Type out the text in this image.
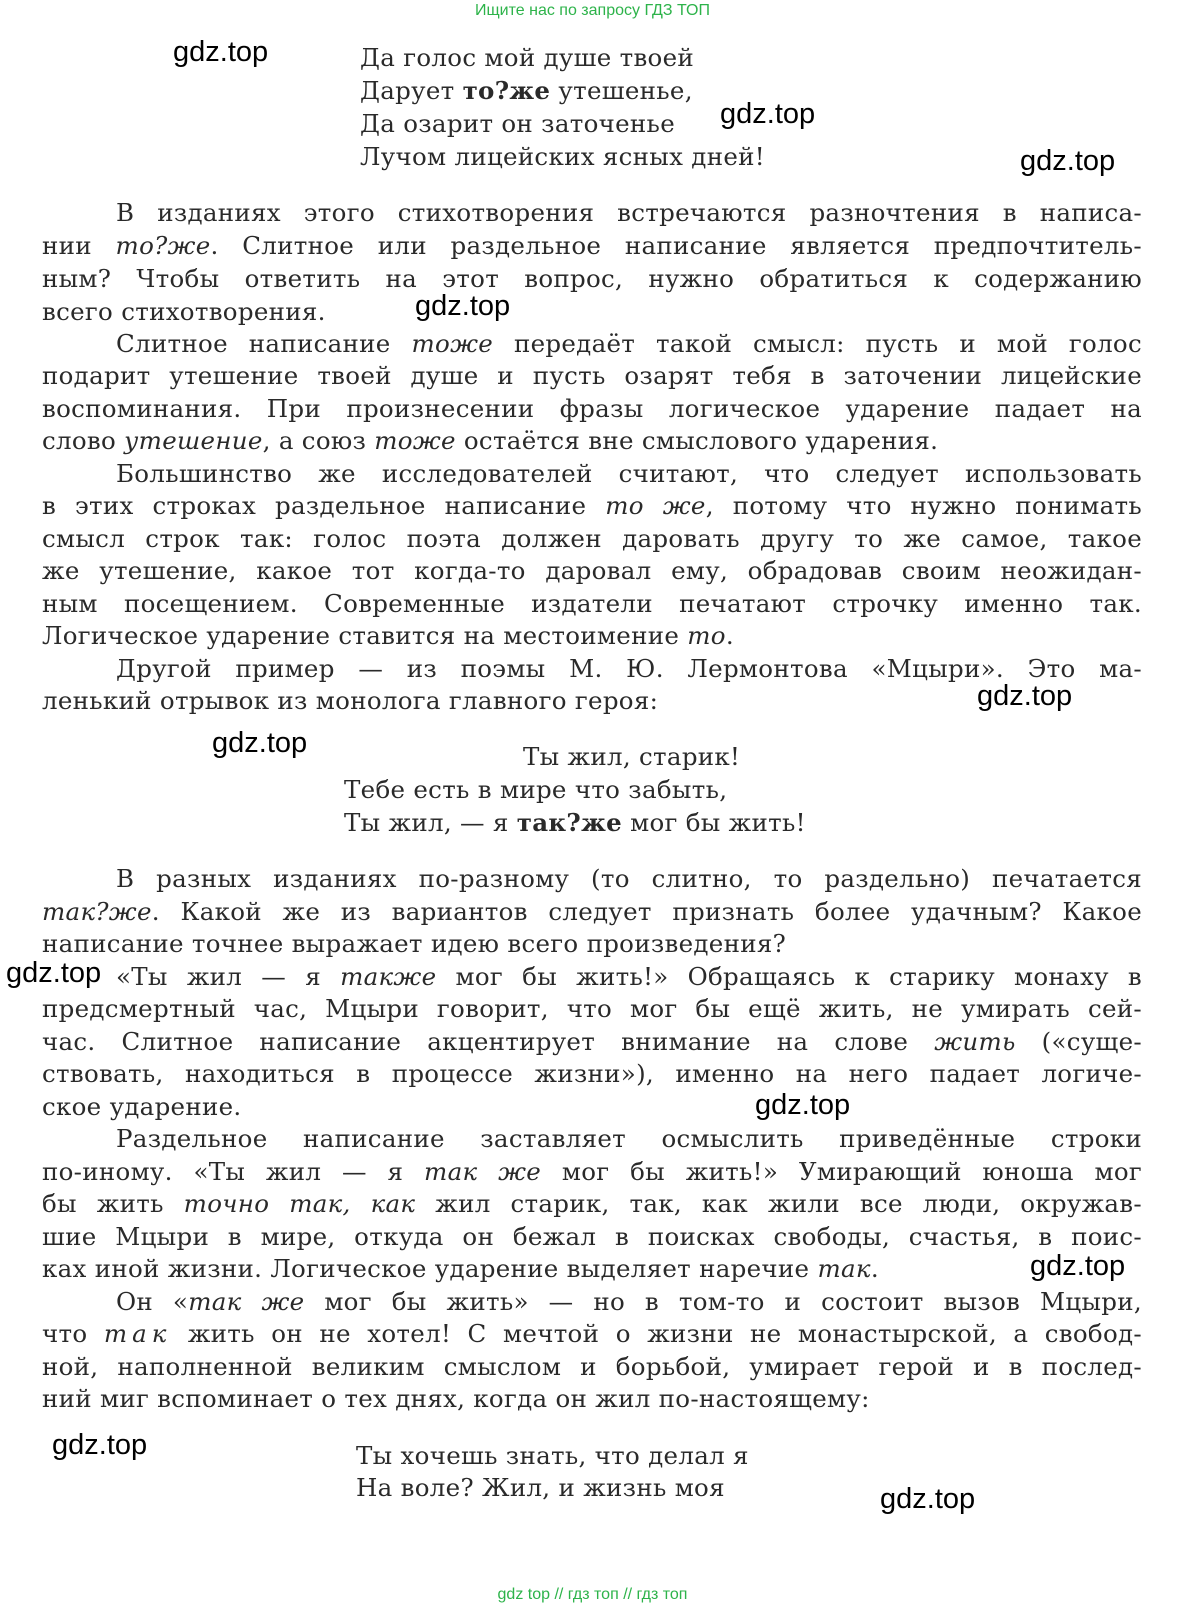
Ищите нас по запросу ГДЗ ТОП
gdz.top
gdz.top
gdz.top
gdz.top
gdz.top
gdz.top
gdz.top
gdz.top
gdz.top
gdz.top
gdz.top
Да голос мой душе твоей
Дарует то?же утешенье,
Да озарит он заточенье
Лучом лицейских ясных дней!
В изданиях этого стихотворения встречаются разночтения в написа-
нии то?же. Слитное или раздельное написание является предпочтитель-
ным? Чтобы ответить на этот вопрос, нужно обратиться к содержанию
всего стихотворения.
Слитное написание тоже передаёт такой смысл: пусть и мой голос
подарит утешение твоей душе и пусть озарят тебя в заточении лицейские
воспоминания. При произнесении фразы логическое ударение падает на
слово утешение, а союз тоже остаётся вне смыслового ударения.
Большинство же исследователей считают, что следует использовать
в этих строках раздельное написание то же, потому что нужно понимать
смысл строк так: голос поэта должен даровать другу то же самое, такое
же утешение, какое тот когда-то даровал ему, обрадовав своим неожидан-
ным посещением. Современные издатели печатают строчку именно так.
Логическое ударение ставится на местоимение то.
Другой пример — из поэмы М. Ю. Лермонтова «Мцыри». Это ма-
ленький отрывок из монолога главного героя:
Ты жил, старик!
Тебе есть в мире что забыть,
Ты жил, — я так?же мог бы жить!
В разных изданиях по-разному (то слитно, то раздельно) печатается
так?же. Какой же из вариантов следует признать более удачным? Какое
написание точнее выражает идею всего произведения?
«Ты жил — я также мог бы жить!» Обращаясь к старику монаху в
предсмертный час, Мцыри говорит, что мог бы ещё жить, не умирать сей-
час. Слитное написание акцентирует внимание на слове жить («суще-
ствовать, находиться в процессе жизни»), именно на него падает логиче-
ское ударение.
Раздельное написание заставляет осмыслить приведённые строки
по-иному. «Ты жил — я так же мог бы жить!» Умирающий юноша мог
бы жить точно так, как жил старик, так, как жили все люди, окружав-
шие Мцыри в мире, откуда он бежал в поисках свободы, счастья, в поис-
ках иной жизни. Логическое ударение выделяет наречие так.
Он «так же мог бы жить» — но в том-то и состоит вызов Мцыри,
что так жить он не хотел! С мечтой о жизни не монастырской, а свобод-
ной, наполненной великим смыслом и борьбой, умирает герой и в послед-
ний миг вспоминает о тех днях, когда он жил по-настоящему:
Ты хочешь знать, что делал я
На воле? Жил, и жизнь моя
gdz top // гдз топ // гдз топ
